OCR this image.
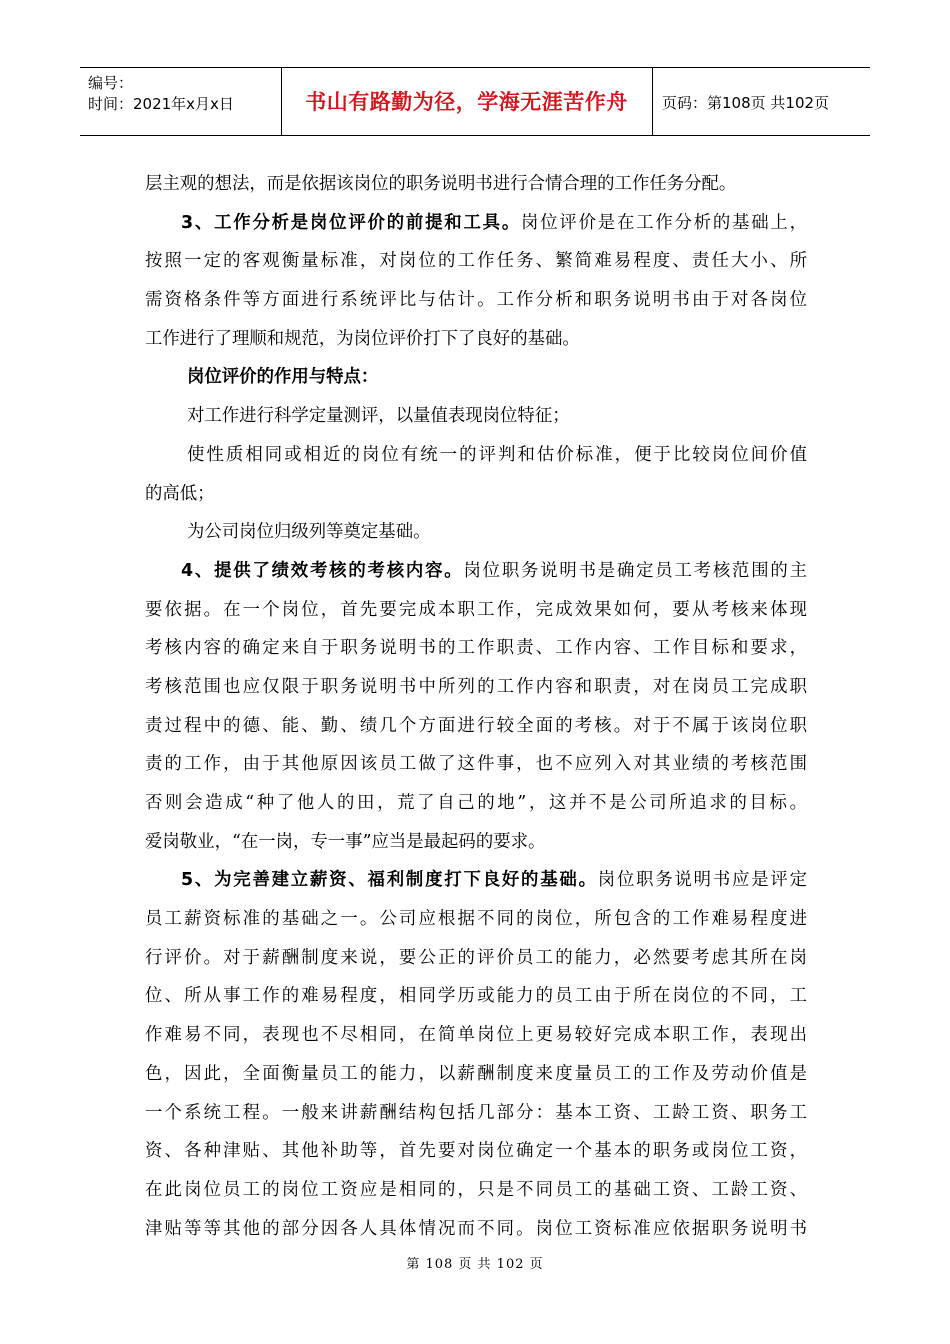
编号：
时间：2021年x月x日	书山有路勤为径，学海无涯苦作舟	页码：第108页 共102页
层主观的想法，而是依据该岗位的职务说明书进行合情合理的工作任务分配。
3、工作分析是岗位评价的前提和工具。岗位评价是在工作分析的基础上，
按照一定的客观衡量标准，对岗位的工作任务、繁简难易程度、责任大小、所
需资格条件等方面进行系统评比与估计。工作分析和职务说明书由于对各岗位
工作进行了理顺和规范，为岗位评价打下了良好的基础。
岗位评价的作用与特点：
对工作进行科学定量测评，以量值表现岗位特征；
使性质相同或相近的岗位有统一的评判和估价标准，便于比较岗位间价值
的高低；
为公司岗位归级列等奠定基础。
4、提供了绩效考核的考核内容。岗位职务说明书是确定员工考核范围的主
要依据。在一个岗位，首先要完成本职工作，完成效果如何，要从考核来体现
考核内容的确定来自于职务说明书的工作职责、工作内容、工作目标和要求，
考核范围也应仅限于职务说明书中所列的工作内容和职责，对在岗员工完成职
责过程中的德、能、勤、绩几个方面进行较全面的考核。对于不属于该岗位职
责的工作，由于其他原因该员工做了这件事，也不应列入对其业绩的考核范围
否则会造成“种了他人的田，荒了自己的地”，这并不是公司所追求的目标。
爱岗敬业，“在一岗，专一事”应当是最起码的要求。
5、为完善建立薪资、福利制度打下良好的基础。岗位职务说明书应是评定
员工薪资标准的基础之一。公司应根据不同的岗位，所包含的工作难易程度进
行评价。对于薪酬制度来说，要公正的评价员工的能力，必然要考虑其所在岗
位、所从事工作的难易程度，相同学历或能力的员工由于所在岗位的不同，工
作难易不同，表现也不尽相同，在简单岗位上更易较好完成本职工作，表现出
色，因此，全面衡量员工的能力，以薪酬制度来度量员工的工作及劳动价值是
一个系统工程。一般来讲薪酬结构包括几部分：基本工资、工龄工资、职务工
资、各种津贴、其他补助等，首先要对岗位确定一个基本的职务或岗位工资，
在此岗位员工的岗位工资应是相同的，只是不同员工的基础工资、工龄工资、
津贴等等其他的部分因各人具体情况而不同。岗位工资标准应依据职务说明书
第 108 页 共 102 页
